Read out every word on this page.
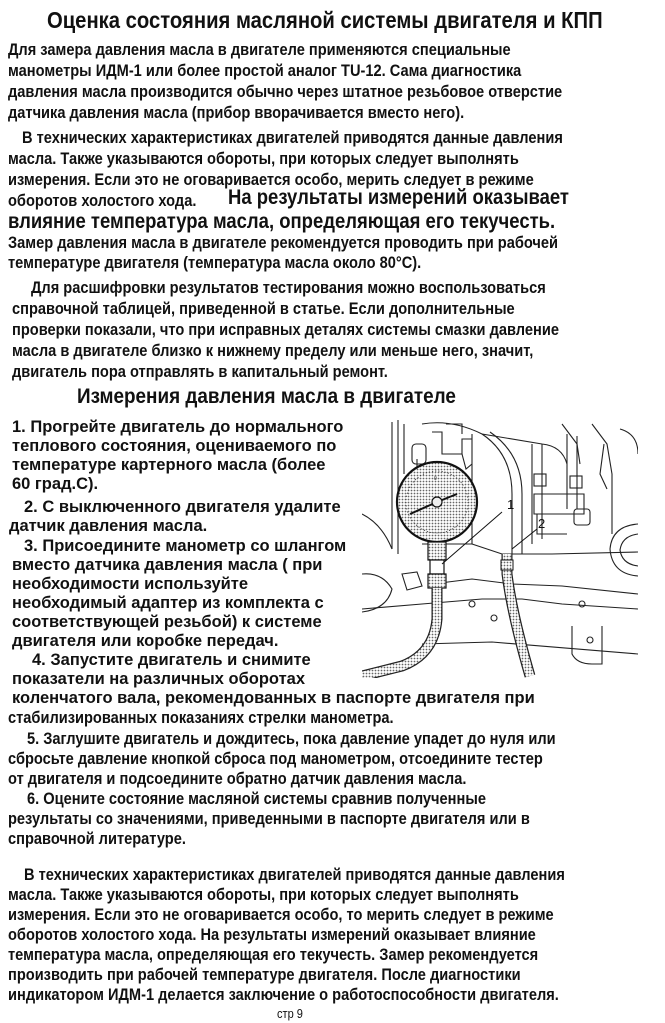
Оценка состояния масляной системы двигателя и КПП
Для замера давления масла в двигателе применяются специальные
манометры ИДМ-1 или более простой аналог TU-12. Сама диагностика
давления масла производится обычно через штатное резьбовое отверстие
датчика давления масла (прибор вворачивается вместо него).
В технических характеристиках двигателей приводятся данные давления
масла. Также указываются обороты, при которых следует выполнять
измерения. Если это не оговаривается особо, мерить следует в режиме
оборотов холостого хода. На результаты измерений оказывает
влияние температура масла, определяющая его текучесть.
Замер давления масла в двигателе рекомендуется проводить при рабочей
температуре двигателя (температура масла около 80°С).
Для расшифровки результатов тестирования можно воспользоваться
справочной таблицей, приведенной в статье. Если дополнительные
проверки показали, что при исправных деталях системы смазки давление
масла в двигателе близко к нижнему пределу или меньше него, значит,
двигатель пора отправлять в капитальный ремонт.
Измерения давления масла в двигателе
1. Прогрейте двигатель до нормального
теплового состояния, оцениваемого по
температуре картерного масла (более
60 град.С).
2. С выключенного двигателя удалите
датчик давления масла.
3. Присоедините манометр со шлангом
вместо датчика давления масла ( при
необходимости используйте
необходимый адаптер из комплекта с
соответствующей резьбой) к системе
двигателя или коробке передач.
4. Запустите двигатель и снимите
показатели на различных оборотах
коленчатого вала, рекомендованных в паспорте двигателя при
стабилизированных показаниях стрелки манометра.
5. Заглушите двигатель и дождитесь, пока давление упадет до нуля или
сбросьте давление кнопкой сброса под манометром, отсоедините тестер
от двигателя и подсоедините обратно датчик давления масла.
6. Оцените состояние масляной системы сравнив полученные
результаты со значениями, приведенными в паспорте двигателя или в
справочной литературе.
В технических характеристиках двигателей приводятся данные давления
масла. Также указываются обороты, при которых следует выполнять
измерения. Если это не оговаривается особо, то мерить следует в режиме
оборотов холостого хода. На результаты измерений оказывает влияние
температура масла, определяющая его текучесть. Замер рекомендуется
производить при рабочей температуре двигателя. После диагностики
индикатором ИДМ-1 делается заключение о работоспособности двигателя.
стр 9
0
1
2
